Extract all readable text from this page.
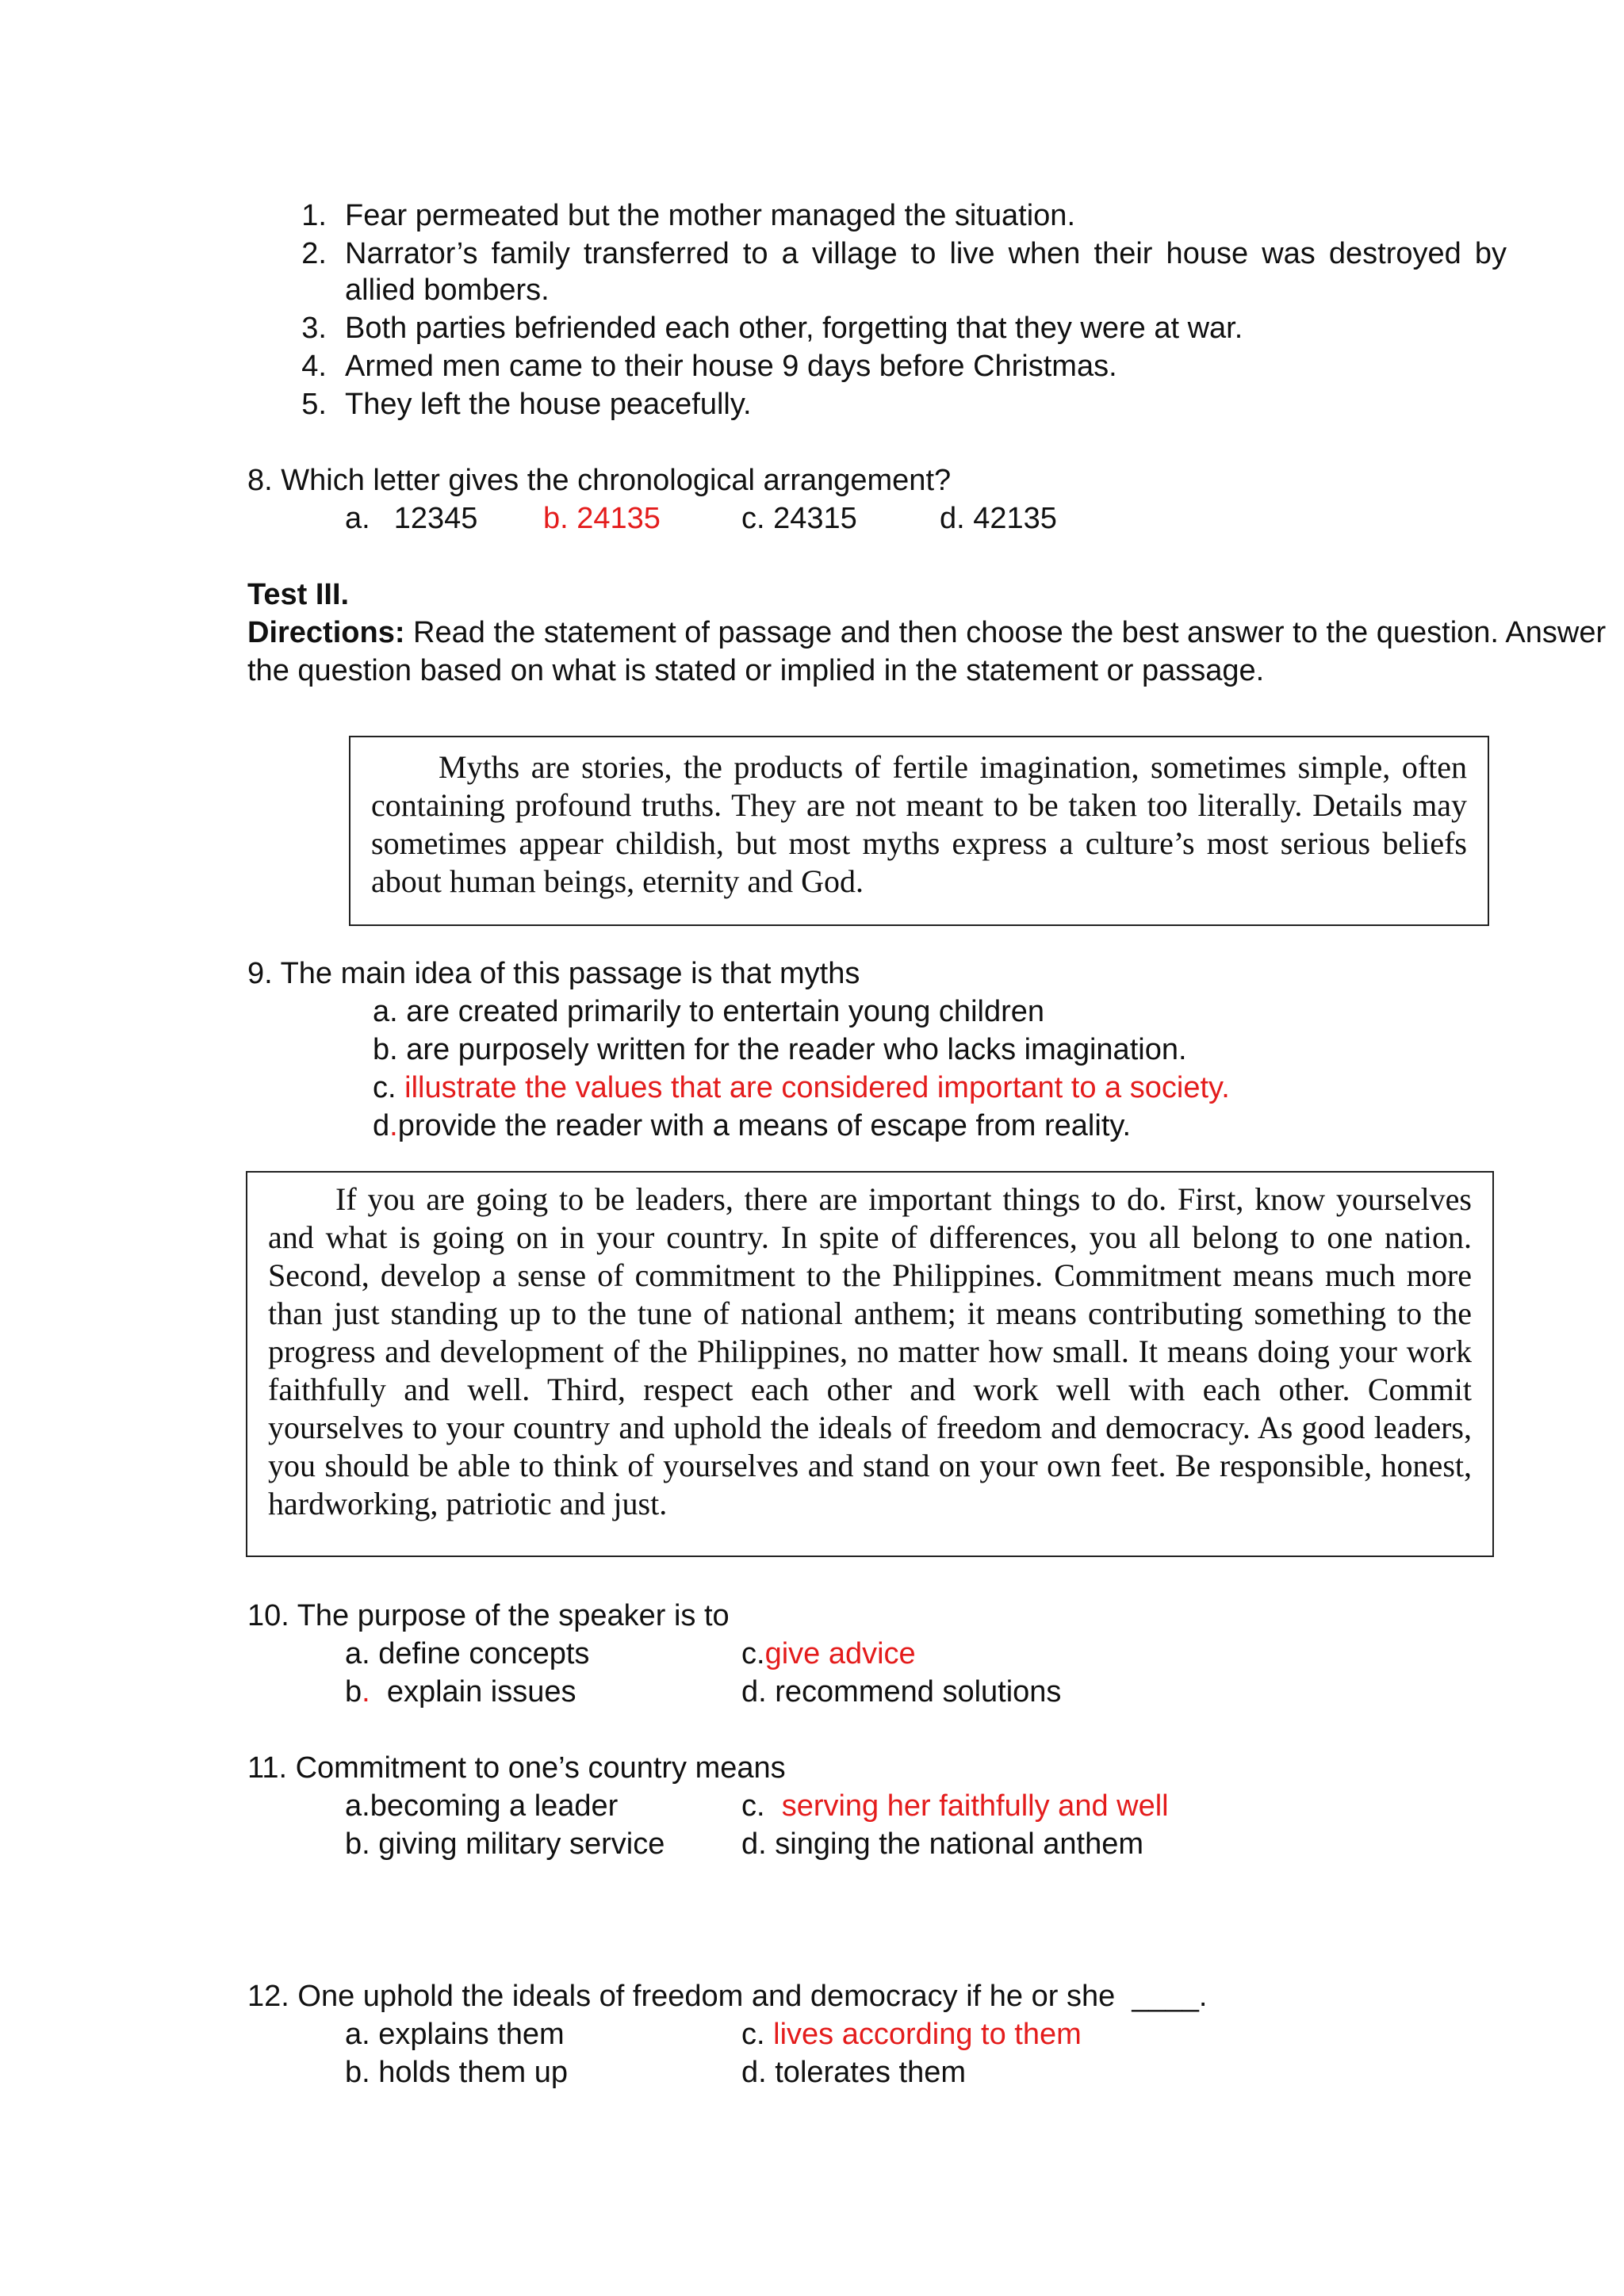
1. Fear permeated but the mother managed the situation.
2. Narrator’s family transferred to a village to live when their house was destroyed by allied bombers.
3. Both parties befriended each other, forgetting that they were at war.
4. Armed men came to their house 9 days before Christmas.
5. They left the house peacefully.
8. Which letter gives the chronological arrangement?
a. 12345 b. 24135	c. 24315	d. 42135
Test III.
Directions: Read the statement of passage and then choose the best answer to the question. Answer
the question based on what is stated or implied in the statement or passage.

Myths are stories, the products of fertile imagination, sometimes simple, often containing profound truths. They are not meant to be taken too literally. Details may sometimes appear childish, but most myths express a culture’s most serious beliefs about human beings, eternity and God.

9. The main idea of this passage is that myths
a. are created primarily to entertain young children
b. are purposely written for the reader who lacks imagination.
c. illustrate the values that are considered important to a society.
d.provide the reader with a means of escape from reality.

If you are going to be leaders, there are important things to do. First, know yourselves and what is going on in your country. In spite of differences, you all belong to one nation. Second, develop a sense of commitment to the Philippines. Commitment means much more than just standing up to the tune of national anthem; it means contributing something to the progress and development of the Philippines, no matter how small. It means doing your work faithfully and well. Third, respect each other and work well with each other. Commit yourselves to your country and uphold the ideals of freedom and democracy. As good leaders, you should be able to think of yourselves and stand on your own feet. Be responsible, honest, hardworking, patriotic and just.

10. The purpose of the speaker is to
a. define concepts	c.give advice
b.  explain issues	d. recommend solutions
11. Commitment to one’s country means
a.becoming a leader	c.  serving her faithfully and well
b. giving military service	d. singing the national anthem
12. One uphold the ideals of freedom and democracy if he or she  ____.
a. explains them	c. lives according to them
b. holds them up	d. tolerates them
